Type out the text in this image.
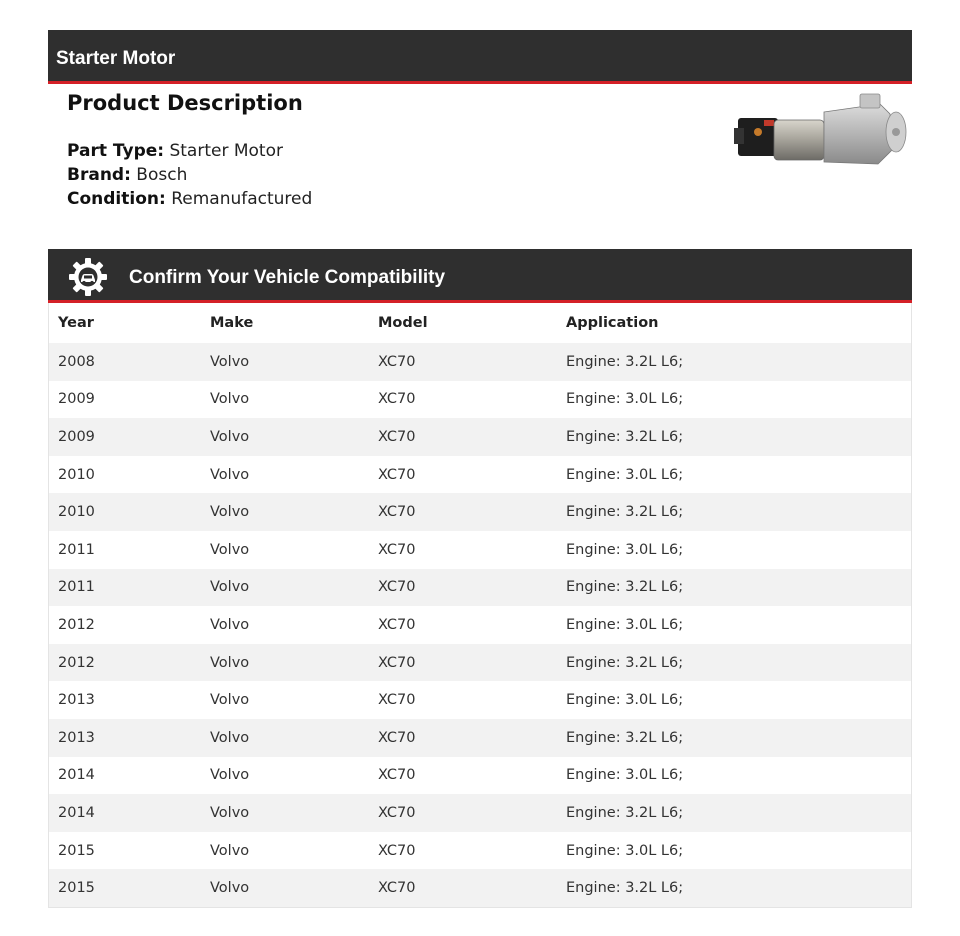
Starter Motor
Product Description
Part Type: Starter Motor
Brand: Bosch
Condition: Remanufactured
Confirm Your Vehicle Compatibility
Year	Make	Model	Application
2008	Volvo	XC70	Engine: 3.2L L6;
2009	Volvo	XC70	Engine: 3.0L L6;
2009	Volvo	XC70	Engine: 3.2L L6;
2010	Volvo	XC70	Engine: 3.0L L6;
2010	Volvo	XC70	Engine: 3.2L L6;
2011	Volvo	XC70	Engine: 3.0L L6;
2011	Volvo	XC70	Engine: 3.2L L6;
2012	Volvo	XC70	Engine: 3.0L L6;
2012	Volvo	XC70	Engine: 3.2L L6;
2013	Volvo	XC70	Engine: 3.0L L6;
2013	Volvo	XC70	Engine: 3.2L L6;
2014	Volvo	XC70	Engine: 3.0L L6;
2014	Volvo	XC70	Engine: 3.2L L6;
2015	Volvo	XC70	Engine: 3.0L L6;
2015	Volvo	XC70	Engine: 3.2L L6;
